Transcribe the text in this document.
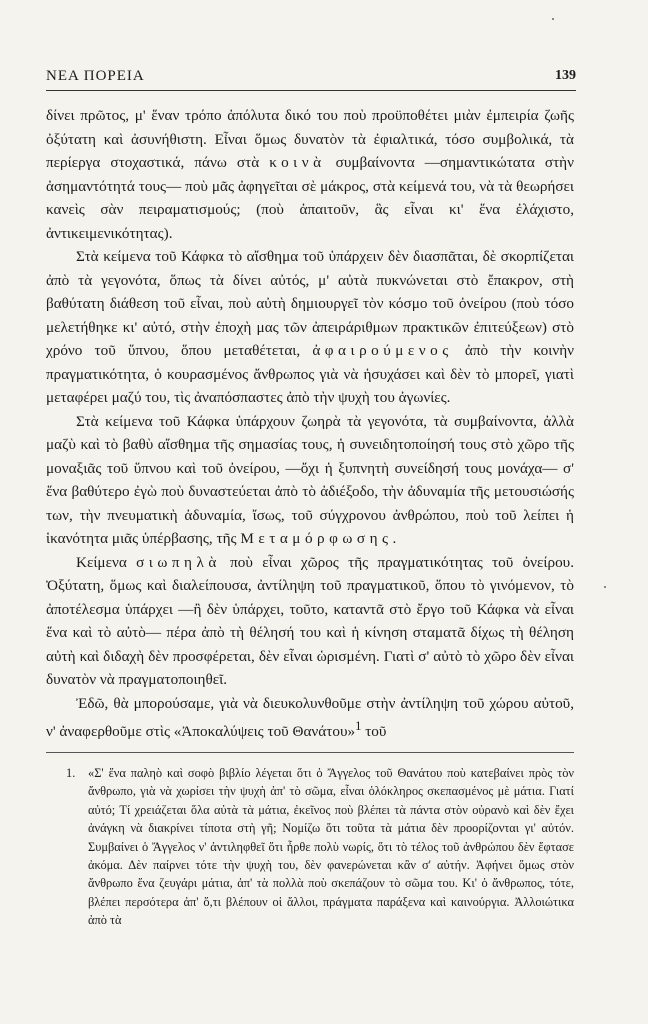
ΝΕΑ ΠΟΡΕΙΑ	139

δίνει πρῶτος, μ' ἕναν τρόπο ἀπόλυτα δικό του ποὺ προϋποθέτει μιὰν ἐμπειρία ζωῆς ὀξύτατη καὶ ἀσυνήθιστη. Εἶναι ὅμως δυνατὸν τὰ ἐφιαλτικά, τόσο συμβολικά, τὰ περίεργα στοχαστικά, πάνω στὰ κοινὰ συμβαίνοντα —σημαντικώτατα στὴν ἀσημαντότητά τους— ποὺ μᾶς ἀφηγεῖται σὲ μάκρος, στὰ κείμενά του, νὰ τὰ θεωρήσει κανεὶς σὰν πειραματισμούς; (ποὺ ἀπαιτοῦν, ἃς εἶναι κι' ἕνα ἐλάχιστο, ἀντικειμενικότητας).

Στὰ κείμενα τοῦ Κάφκα τὸ αἴσθημα τοῦ ὑπάρχειν δὲν διασπᾶται, δὲ σκορπίζεται ἀπὸ τὰ γεγονότα, ὅπως τὰ δίνει αὐτός, μ' αὐτὰ πυκνώνεται στὸ ἔπακρον, στὴ βαθύτατη διάθεση τοῦ εἶναι, ποὺ αὐτὴ δημιουργεῖ τὸν κόσμο τοῦ ὀνείρου (ποὺ τόσο μελετήθηκε κι' αὐτό, στὴν ἐποχὴ μας τῶν ἀπειράριθμων πρακτικῶν ἐπιτεύξεων) στὸ χρόνο τοῦ ὕπνου, ὅπου μεταθέτεται, ἀφαιρούμενος ἀπὸ τὴν κοινὴν πραγματικότητα, ὁ κουρασμένος ἄνθρωπος γιὰ νὰ ἡσυχάσει καὶ δὲν τὸ μπορεῖ, γιατὶ μεταφέρει μαζύ του, τὶς ἀναπόσπαστες ἀπὸ τὴν ψυχὴ του ἀγωνίες.

Στὰ κείμενα τοῦ Κάφκα ὑπάρχουν ζωηρὰ τὰ γεγονότα, τὰ συμβαίνοντα, ἀλλὰ μαζὺ καὶ τὸ βαθὺ αἴσθημα τῆς σημασίας τους, ἡ συνειδητοποίησή τους στὸ χῶρο τῆς μοναξιᾶς τοῦ ὕπνου καὶ τοῦ ὀνείρου, —ὄχι ἡ ξυπνητὴ συνείδησή τους μονάχα— σ' ἕνα βαθύτερο ἐγὼ ποὺ δυναστεύεται ἀπὸ τὸ ἀδιέξοδο, τὴν ἀδυναμία τῆς μετουσιώσής των, τὴν πνευματικὴ ἀδυναμία, ἴσως, τοῦ σύγχρονου ἀνθρώπου, ποὺ τοῦ λείπει ἡ ἱκανότητα μιᾶς ὑπέρβασης, τῆς Μεταμόρφωσης.

Κείμενα σιωπηλὰ ποὺ εἶναι χῶρος τῆς πραγματικότητας τοῦ ὀνείρου. Ὀξύτατη, ὅμως καὶ διαλείπουσα, ἀντίληψη τοῦ πραγματικοῦ, ὅπου τὸ γινόμενον, τὸ ἀποτέλεσμα ὑπάρχει —ἢ δὲν ὑπάρχει, τοῦτο, καταντᾶ στὸ ἔργο τοῦ Κάφκα νὰ εἶναι ἕνα καὶ τὸ αὐτὸ— πέρα ἀπὸ τὴ θέλησή του καὶ ἡ κίνηση σταματᾶ δίχως τὴ θέληση αὐτὴ καὶ διδαχὴ δὲν προσφέρεται, δὲν εἶναι ὡρισμένη. Γιατὶ σ' αὐτὸ τὸ χῶρο δὲν εἶναι δυνατὸν νὰ πραγματοποιηθεῖ.

Ἐδῶ, θὰ μπορούσαμε, γιὰ νὰ διευκολυνθοῦμε στὴν ἀντίληψη τοῦ χώρου αὐτοῦ, ν' ἀναφερθοῦμε στὶς «Ἀποκαλύψεις τοῦ Θανάτου»$^1$ τοῦ

1. «Σ' ἕνα παληὸ καὶ σοφὸ βιβλίο λέγεται ὅτι ὁ Ἄγγελος τοῦ Θανάτου ποὺ κατεβαίνει πρὸς τὸν ἄνθρωπο, γιὰ νὰ χωρίσει τὴν ψυχὴ ἀπ' τὸ σῶμα, εἶναι ὁλόκληρος σκεπασμένος μὲ μάτια. Γιατί αὐτό; Τί χρειάζεται ὅλα αὐτὰ τὰ μάτια, ἐκεῖνος ποὺ βλέπει τὰ πάντα στὸν οὐρανὸ καὶ δὲν ἔχει ἀνάγκη νὰ διακρίνει τίποτα στὴ γῆ; Νομίζω ὅτι τοῦτα τὰ μάτια δὲν προορίζονται γι' αὐτόν. Συμβαίνει ὁ Ἄγγελος ν' ἀντιληφθεῖ ὅτι ἦρθε πολὺ νωρίς, ὅτι τὸ τέλος τοῦ ἀνθρώπου δὲν ἔφτασε ἀκόμα. Δὲν παίρνει τότε τὴν ψυχὴ του, δὲν φανερώνεται κἂν σ' αὐτήν. Ἀφήνει ὅμως στὸν ἄνθρωπο ἕνα ζευγάρι μάτια, ἀπ' τὰ πολλὰ ποὺ σκεπάζουν τὸ σῶμα του. Κι' ὁ ἄνθρωπος, τότε, βλέπει περσότερα ἀπ' ὅ,τι βλέπουν οἱ ἄλλοι, πράγματα παράξενα καὶ καινούργια. Ἀλλοιώτικα ἀπὸ τὰ
